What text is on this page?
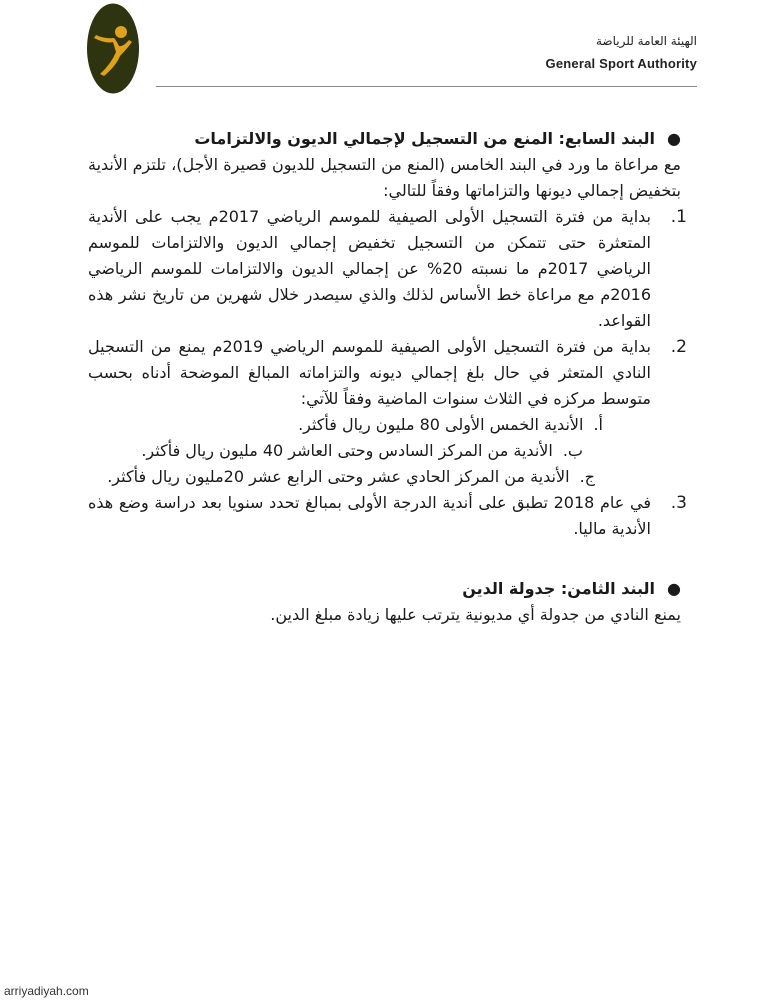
الهيئة العامة للرياضة
General Sport Authority

●
البند السابع: المنع من التسجيل لإجمالي الديون والالتزامات

مع مراعاة ما ورد في البند الخامس (المنع من التسجيل للديون قصيرة الأجل)، تلتزم الأندية بتخفيض إجمالي ديونها والتزاماتها وفقاً للتالي:

1.
بداية من فترة التسجيل الأولى الصيفية للموسم الرياضي 2017م يجب على الأندية المتعثرة حتى تتمكن من التسجيل تخفيض إجمالي الديون والالتزامات للموسم الرياضي 2017م ما نسبته 20% عن إجمالي الديون والالتزامات للموسم الرياضي 2016م مع مراعاة خط الأساس لذلك والذي سيصدر خلال شهرين من تاريخ نشر هذه القواعد.
2.
بداية من فترة التسجيل الأولى الصيفية للموسم الرياضي 2019م يمنع من التسجيل النادي المتعثر في حال بلغ إجمالي ديونه والتزاماته المبالغ الموضحة أدناه بحسب متوسط مركزه في الثلاث سنوات الماضية وفقاً للآتي:

أ.الأندية الخمس الأولى 80 مليون ريال فأكثر.

ب.الأندية من المركز السادس وحتى العاشر 40 مليون ريال فأكثر.

ج.الأندية من المركز الحادي عشر وحتى الرابع عشر 20مليون ريال فأكثر.

3.
في عام 2018 تطبق على أندية الدرجة الأولى بمبالغ تحدد سنويا بعد دراسة وضع هذه الأندية ماليا.

●
البند الثامن: جدولة الدين

يمنع النادي من جدولة أي مديونية يترتب عليها زيادة مبلغ الدين.

arriyadiyah.com
